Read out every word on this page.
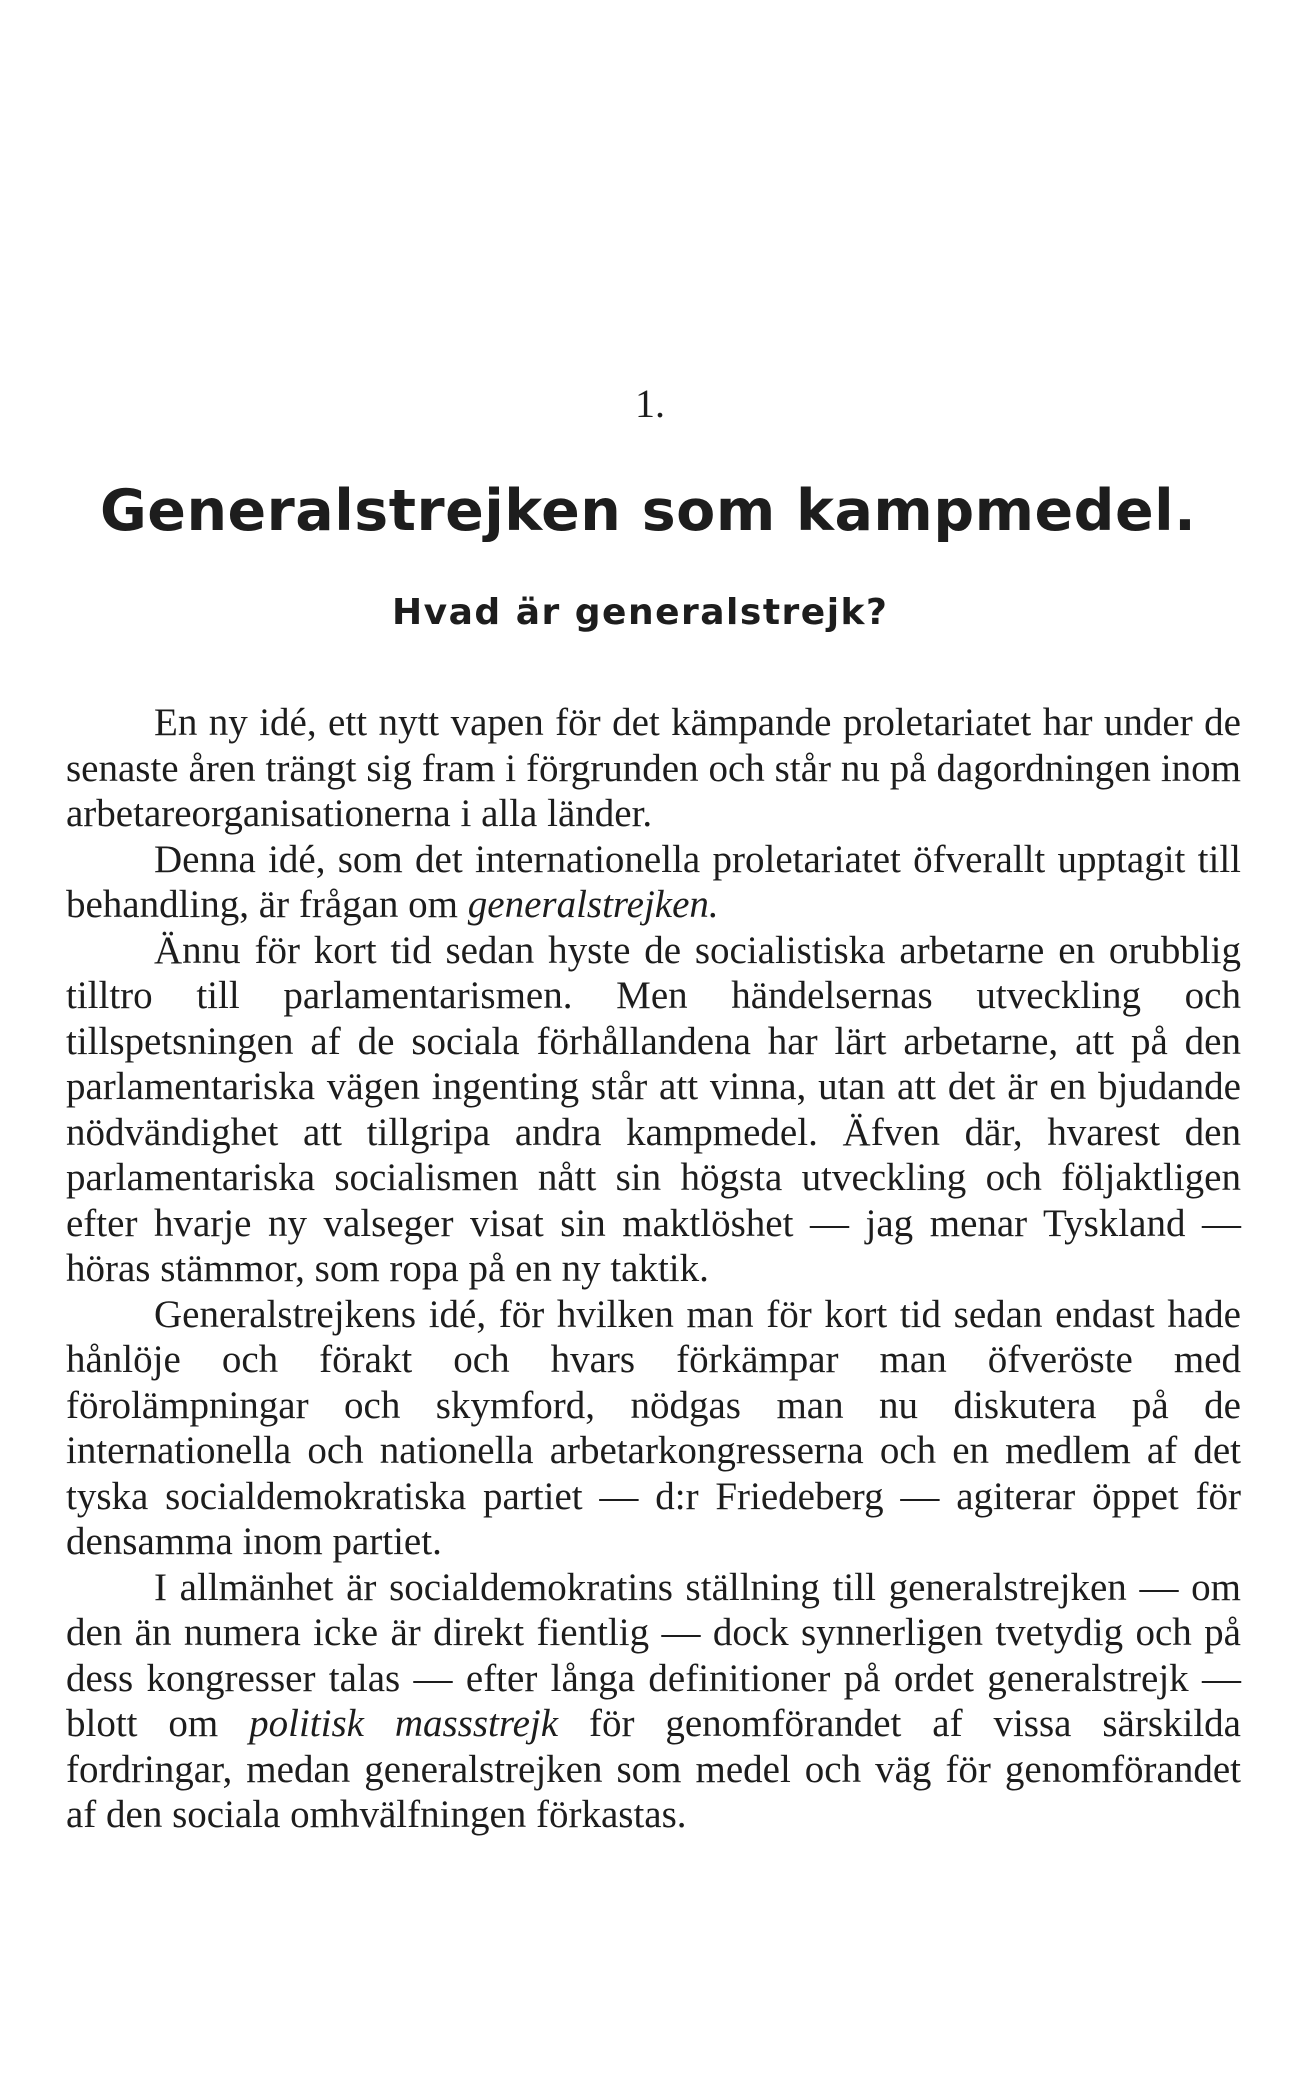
1.
Generalstrejken som kampmedel.
Hvad är generalstrejk?

En ny idé, ett nytt vapen för det kämpande proletariatet har under de senaste åren trängt sig fram i förgrunden och står nu på dagordningen inom arbetareorganisationerna i alla länder.

Denna idé, som det internationella proletariatet öfverallt upptagit till behandling, är frågan om generalstrejken.

Ännu för kort tid sedan hyste de socialistiska arbetarne en orubblig tilltro till parlamentarismen. Men händelsernas utveckling och tillspetsningen af de sociala förhållandena har lärt arbetarne, att på den parlamentariska vägen ingenting står att vinna, utan att det är en bjudande nödvändighet att tillgripa andra kampmedel. Äfven där, hvarest den parlamentariska socialismen nått sin högsta utveckling och följaktligen efter hvarje ny valseger visat sin maktlöshet — jag menar Tyskland — höras stämmor, som ropa på en ny taktik.

Generalstrejkens idé, för hvilken man för kort tid sedan endast hade hånlöje och förakt och hvars förkämpar man öfveröste med förolämpningar och skymford, nödgas man nu diskutera på de internationella och nationella arbetarkongresserna och en medlem af det tyska socialdemokratiska partiet — d:r Friedeberg — agiterar öppet för densamma inom partiet.

I allmänhet är socialdemokratins ställning till generalstrejken — om den än numera icke är direkt fientlig — dock synnerligen tvetydig och på dess kongresser talas — efter långa definitioner på ordet generalstrejk — blott om politisk massstrejk för genomförandet af vissa särskilda fordringar, medan generalstrejken som medel och väg för genomförandet af den sociala omhvälfningen förkastas.
